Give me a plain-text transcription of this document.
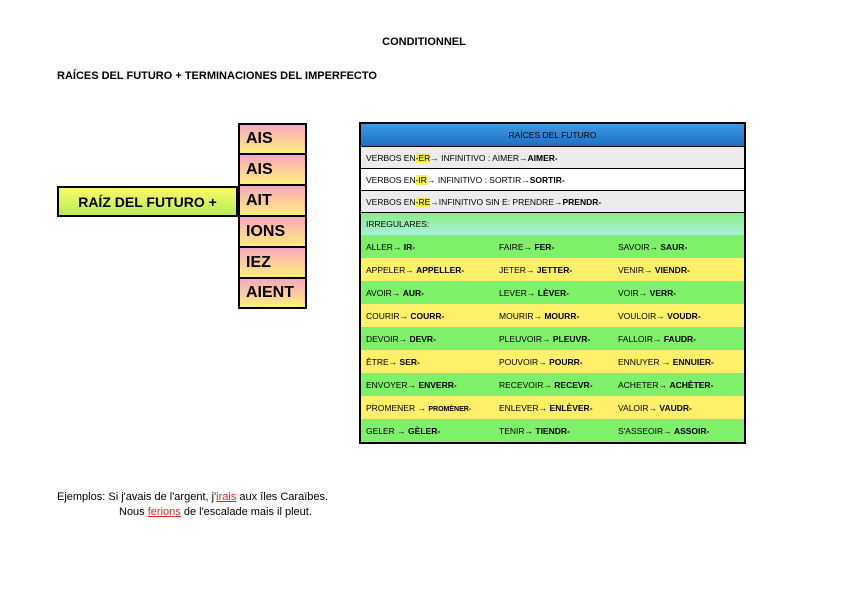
CONDITIONNEL
RAÍCES DEL FUTURO + TERMINACIONES DEL IMPERFECTO
RAÍZ DEL FUTURO +
AIS
AIS
AIT
IONS
IEZ
AIENT
RAÍCES DEL FUTURO
VERBOS EN -ER → INFINITIVO : AIMER→ AIMER-
VERBOS EN -IR → INFINITIVO : SORTIR→ SORTIR-
VERBOS EN -RE →INFINITIVO SIN E: PRENDRE→ PRENDR-
IRREGULARES:
ALLER→ IR-	FAIRE→ FER-	SAVOIR→ SAUR-
APPELER→ APPELLER-	JETER→ JETTER-	VENIR→ VIENDR-
AVOIR→ AUR-	LEVER→ LÈVER-	VOIR→ VERR-
COURIR→ COURR-	MOURIR→ MOURR-	VOULOIR→ VOUDR-
DEVOIR→ DEVR-	PLEUVOIR→ PLEUVR-	FALLOIR→ FAUDR-
ÊTRE→ SER-	POUVOIR→ POURR-	ENNUYER → ENNUIER-
ENVOYER→ ENVERR-	RECEVOIR→ RECEVR-	ACHETER→ ACHÈTER-
PROMENER → PROMÈNER-	ENLEVER→ ENLÈVER-	VALOIR→ VAUDR-
GELER → GÈLER-	TENIR→ TIENDR-	S'ASSEOIR→ ASSOIR-
Ejemplos: Si j'avais de l'argent, j'irais aux îles Caraïbes.
Nous ferions de l'escalade mais il pleut.
